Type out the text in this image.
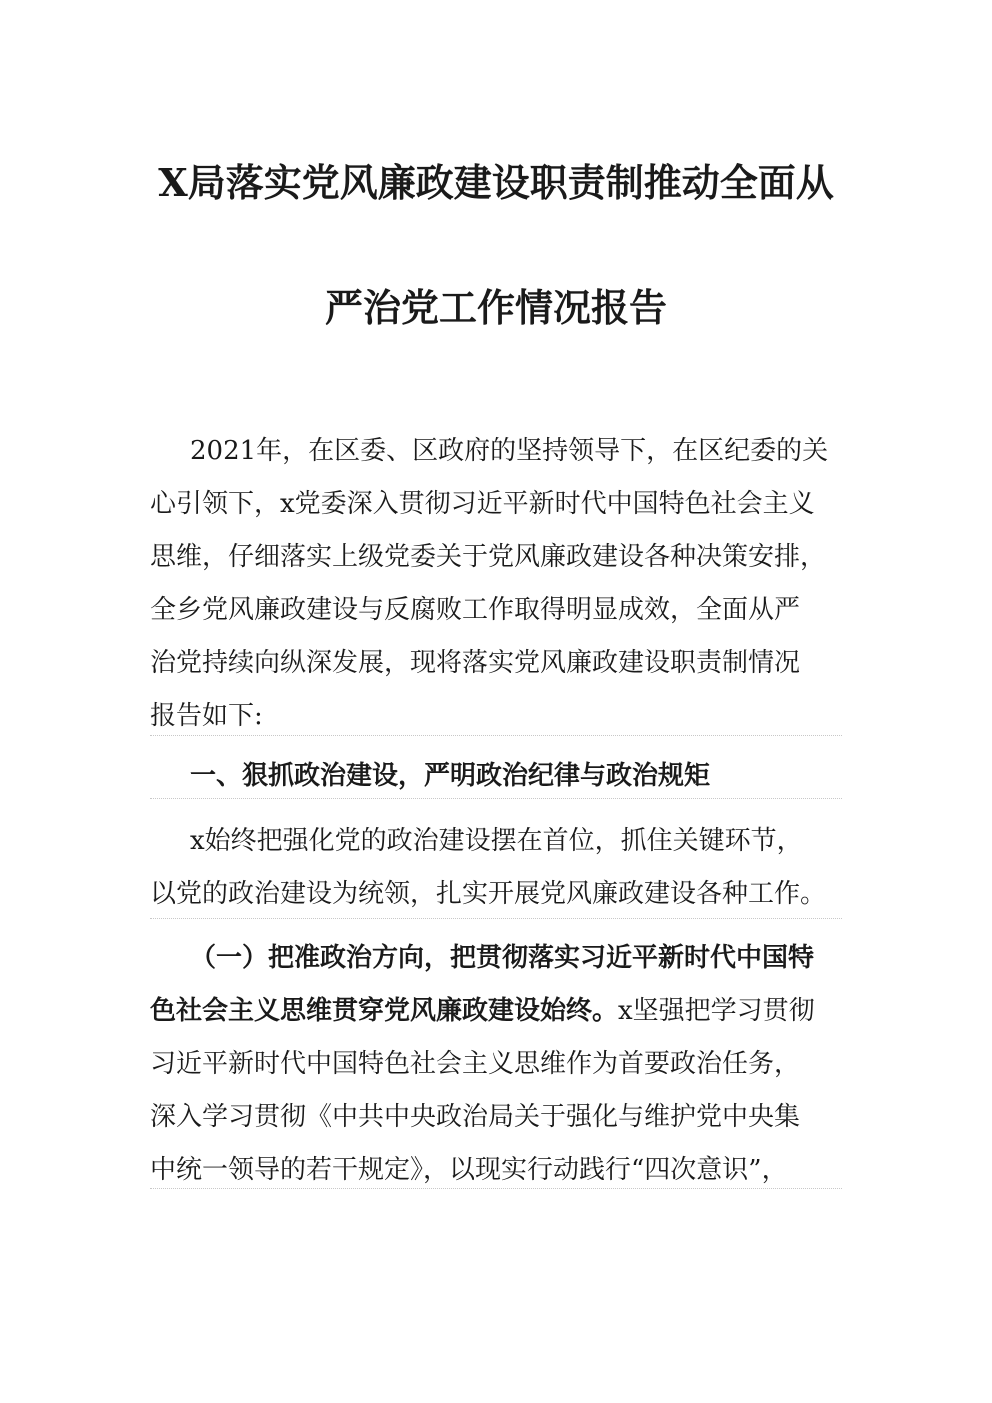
X局落实党风廉政建设职责制推动全面从
严治党工作情况报告
2021年，在区委、区政府的坚持领导下，在区纪委的关
心引领下，x党委深入贯彻习近平新时代中国特色社会主义
思维，仔细落实上级党委关于党风廉政建设各种决策安排，
全乡党风廉政建设与反腐败工作取得明显成效，全面从严
治党持续向纵深发展，现将落实党风廉政建设职责制情况
报告如下:
一、狠抓政治建设，严明政治纪律与政治规矩
x始终把强化党的政治建设摆在首位，抓住关键环节，
以党的政治建设为统领，扎实开展党风廉政建设各种工作。
（一）把准政治方向，把贯彻落实习近平新时代中国特
色社会主义思维贯穿党风廉政建设始终。x坚强把学习贯彻
习近平新时代中国特色社会主义思维作为首要政治任务，
深入学习贯彻《中共中央政治局关于强化与维护党中央集
中统一领导的若干规定》，以现实行动践行“四次意识”，
